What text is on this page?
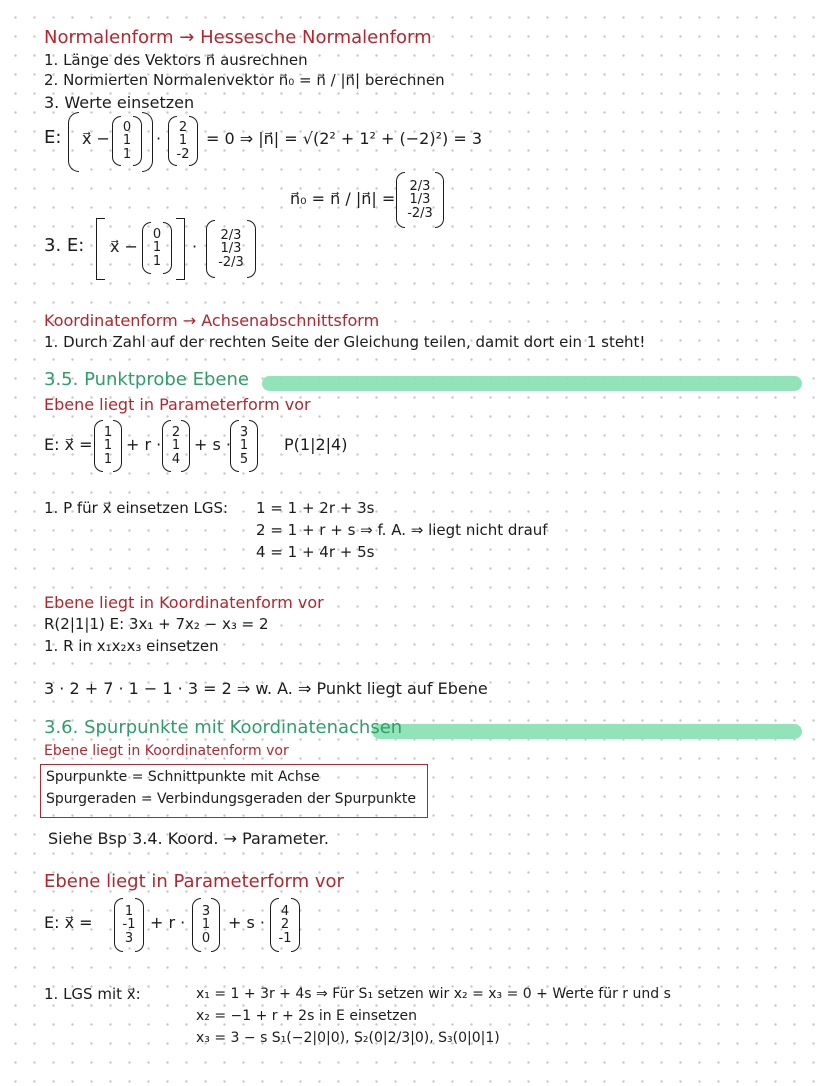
Normalenform → Hessesche Normalenform
1. Länge des Vektors n⃗ ausrechnen
2. Normierten Normalenvektor n⃗₀ = n⃗ / |n⃗| berechnen
3. Werte einsetzen
E: x⃗ −
0
1
1
·
2
1
-2
= 0 ⇒ |n⃗| = √(2² + 1² + (−2)²) = 3
n⃗₀ = n⃗ / |n⃗| =
2/3
1/3
-2/3
3. E: x⃗ −
0
1
1
·
2/3
1/3
-2/3
Koordinatenform → Achsenabschnittsform
1. Durch Zahl auf der rechten Seite der Gleichung teilen, damit dort ein 1 steht!
3.5. Punktprobe Ebene
Ebene liegt in Parameterform vor
E: x⃗ =
1
1
1
+ r ·
2
1
4
+ s ·
3
1
5
P(1|2|4)
1. P für x⃗ einsetzen LGS: 1 = 1 + 2r + 3s
2 = 1 + r + s ⇒ f. A. ⇒ liegt nicht drauf
4 = 1 + 4r + 5s
Ebene liegt in Koordinatenform vor
R(2|1|1) E: 3x₁ + 7x₂ − x₃ = 2
1. R in x₁x₂x₃ einsetzen
3 · 2 + 7 · 1 − 1 · 3 = 2 ⇒ w. A. ⇒ Punkt liegt auf Ebene
3.6. Spurpunkte mit Koordinatenachsen
Ebene liegt in Koordinatenform vor
Spurpunkte = Schnittpunkte mit Achse
Spurgeraden = Verbindungsgeraden der Spurpunkte
Siehe Bsp 3.4. Koord. → Parameter.
Ebene liegt in Parameterform vor
E: x⃗ =
1
-1
3
+ r ·
3
1
0
+ s ·
4
2
-1
1. LGS mit x⃗:	x₁ = 1 + 3r + 4s ⇒ Für S₁ setzen wir x₂ = x₃ = 0 + Werte für r und s
x₂ = −1 + r + 2s in E einsetzen
x₃ = 3 − s S₁(−2|0|0), S₂(0|2/3|0), S₃(0|0|1)
